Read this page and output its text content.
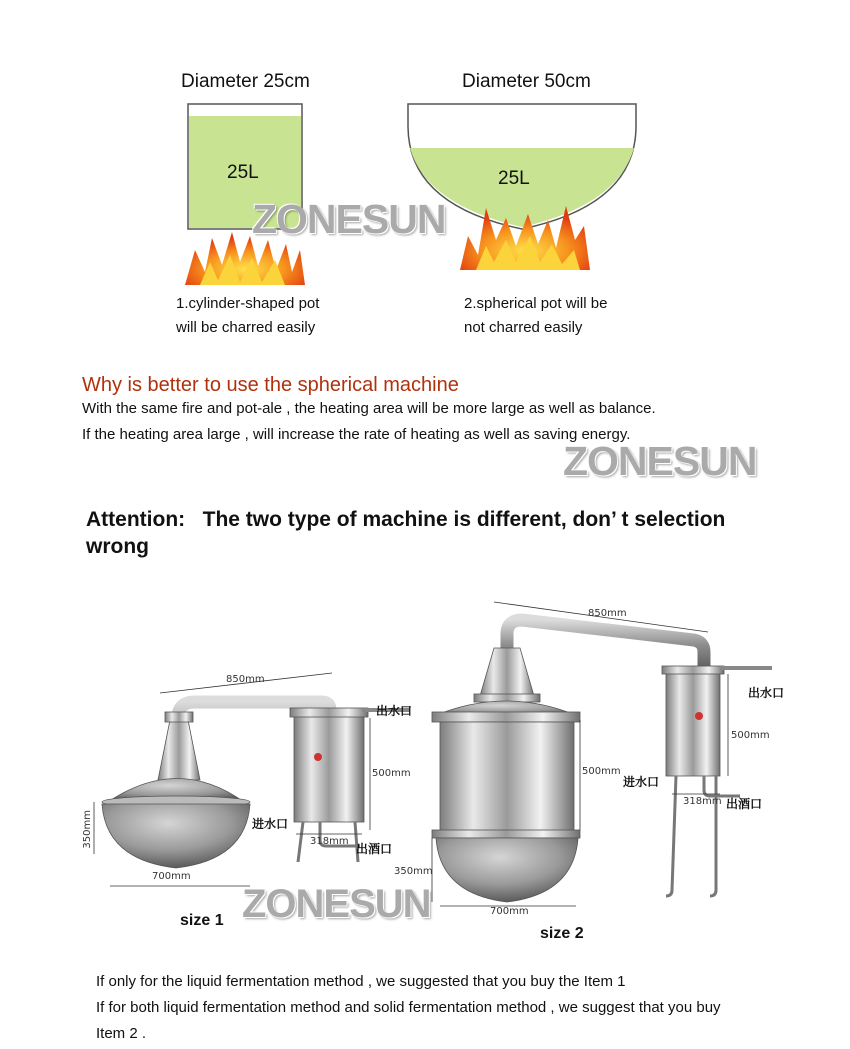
Diameter 25cm	Diameter 50cm
25L	25L
ZONESUN
1.cylinder-shaped pot
will be charred easily
2.spherical pot will be
not charred easily
Why is better to use the spherical machine
With the same fire and pot-ale , the heating area will be more large as well as balance.
If the heating area large , will increase the rate of heating as well as saving energy.
ZONESUN
Attention:   The two type of machine is different, don’ t selection
wrong
850mm
出水口
500mm
350mm	进水口
318mm
出酒口
700mm
size 1
850mm
出水口
500mm
500mm
进水口
318mm 出酒口
350mm
700mm
size 2
ZONESUN
If only for the liquid fermentation method , we suggested that you buy the Item 1
If for both liquid fermentation method and solid fermentation method , we suggest that you buy
Item 2 .
